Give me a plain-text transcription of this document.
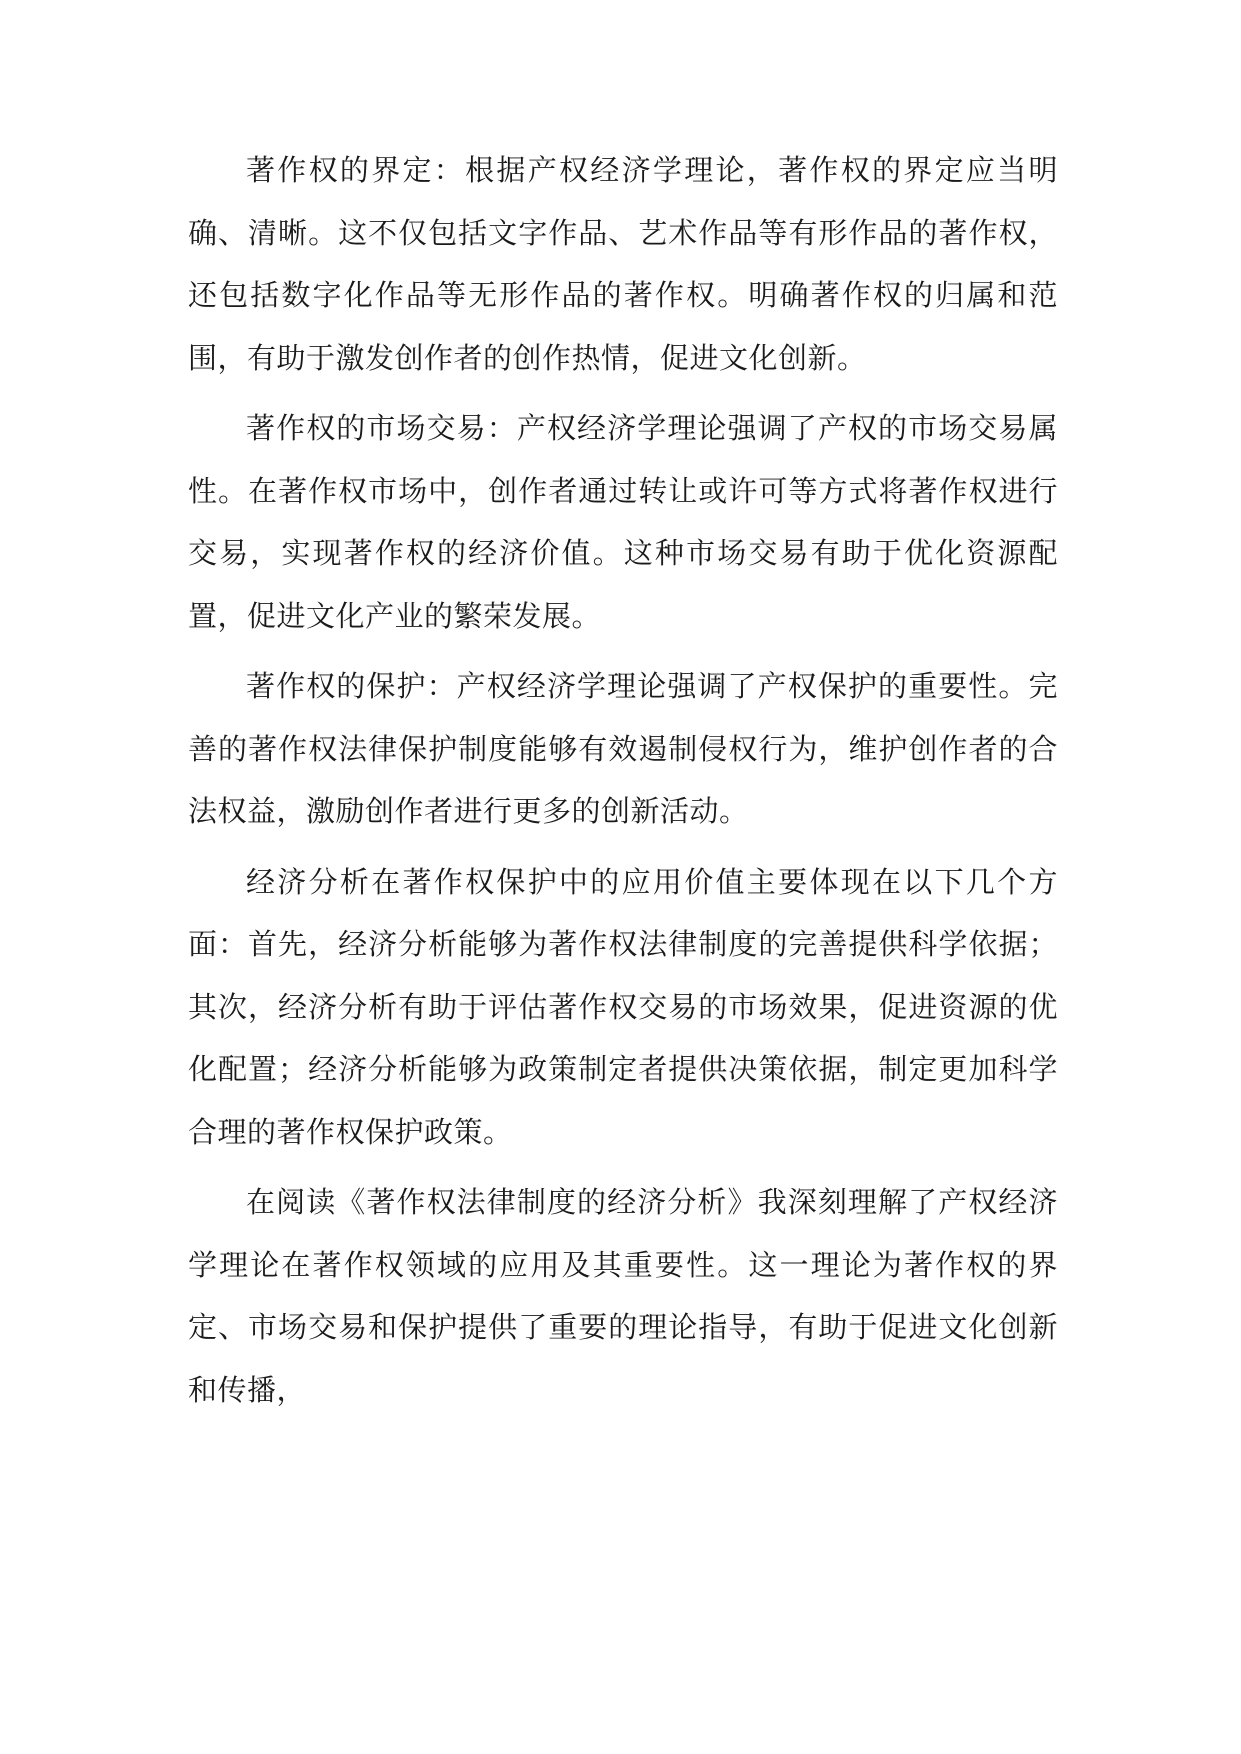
著作权的界定：根据产权经济学理论，著作权的界定应当明确、清晰。这不仅包括文字作品、艺术作品等有形作品的著作权，还包括数字化作品等无形作品的著作权。明确著作权的归属和范围，有助于激发创作者的创作热情，促进文化创新。

著作权的市场交易：产权经济学理论强调了产权的市场交易属性。在著作权市场中，创作者通过转让或许可等方式将著作权进行交易，实现著作权的经济价值。这种市场交易有助于优化资源配置，促进文化产业的繁荣发展。

著作权的保护：产权经济学理论强调了产权保护的重要性。完善的著作权法律保护制度能够有效遏制侵权行为，维护创作者的合法权益，激励创作者进行更多的创新活动。

经济分析在著作权保护中的应用价值主要体现在以下几个方面：首先，经济分析能够为著作权法律制度的完善提供科学依据；其次，经济分析有助于评估著作权交易的市场效果，促进资源的优化配置；经济分析能够为政策制定者提供决策依据，制定更加科学合理的著作权保护政策。

在阅读《著作权法律制度的经济分析》我深刻理解了产权经济学理论在著作权领域的应用及其重要性。这一理论为著作权的界定、市场交易和保护提供了重要的理论指导，有助于促进文化创新和传播，
